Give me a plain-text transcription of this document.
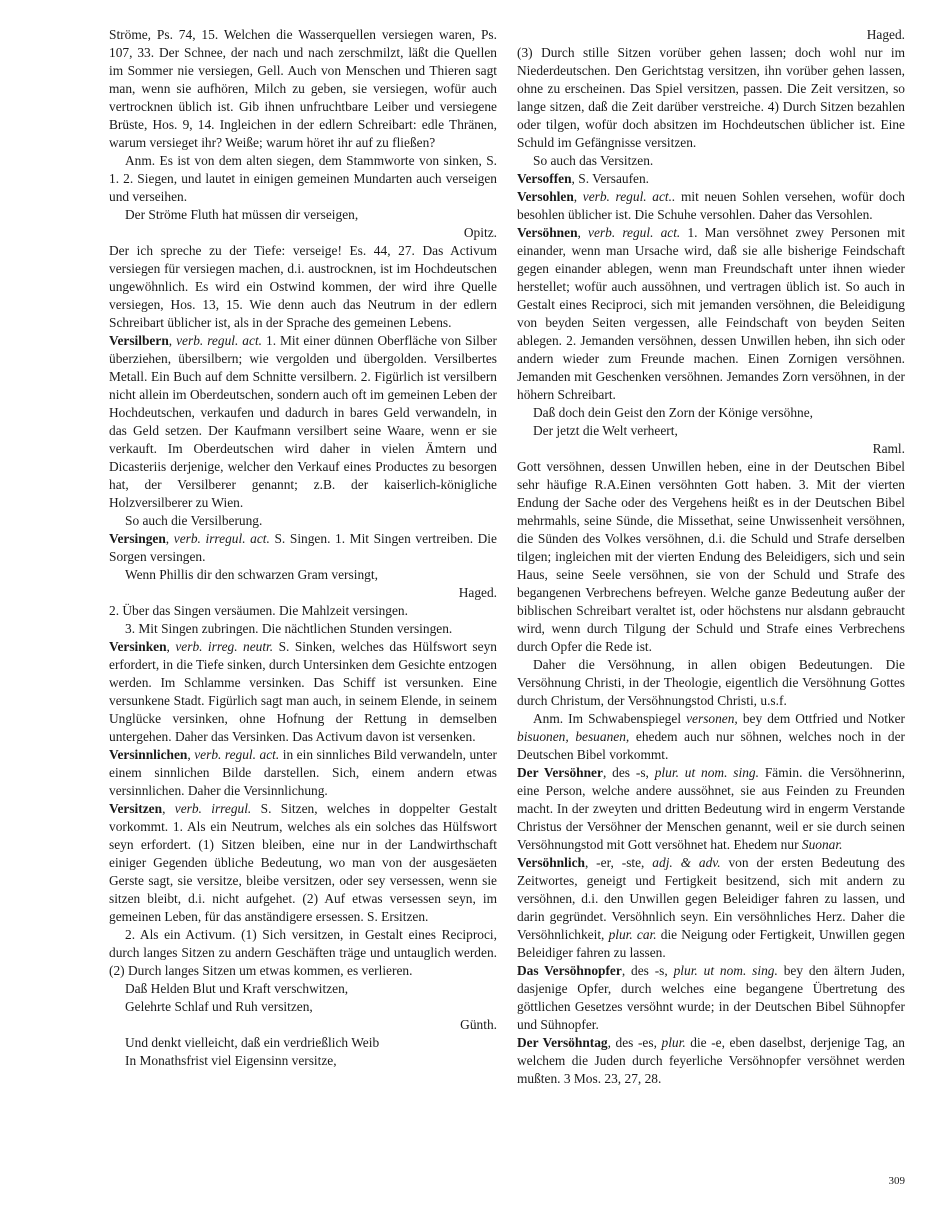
Ströme, Ps. 74, 15. Welchen die Wasserquellen versiegen waren, Ps. 107, 33. Der Schnee, der nach und nach zerschmilzt, läßt die Quellen im Sommer nie versiegen, Gell. Auch von Menschen und Thieren sagt man, wenn sie aufhören, Milch zu geben, sie versiegen, wofür auch vertrocknen üblich ist. Gib ihnen unfruchtbare Leiber und versiegene Brüste, Hos. 9, 14. Ingleichen in der edlern Schreibart: edle Thränen, warum versieget ihr? Weiße; warum höret ihr auf zu fließen?

Anm. Es ist von dem alten siegen, dem Stammworte von sinken, S. 1. 2. Siegen, und lautet in einigen gemeinen Mundarten auch verseigen und verseihen.

Der Ströme Fluth hat müssen dir verseigen,

Opitz.

Der ich spreche zu der Tiefe: verseige! Es. 44, 27. Das Activum versiegen für versiegen machen, d.i. austrocknen, ist im Hochdeutschen ungewöhnlich. Es wird ein Ostwind kommen, der wird ihre Quelle versiegen, Hos. 13, 15. Wie denn auch das Neutrum in der edlern Schreibart üblicher ist, als in der Sprache des gemeinen Lebens.

Versilbern, verb. regul. act. 1. Mit einer dünnen Oberfläche von Silber überziehen, übersilbern; wie vergolden und übergolden. Versilbertes Metall. Ein Buch auf dem Schnitte versilbern. 2. Figürlich ist versilbern nicht allein im Oberdeutschen, sondern auch oft im gemeinen Leben der Hochdeutschen, verkaufen und dadurch in bares Geld verwandeln, in das Geld setzen. Der Kaufmann versilbert seine Waare, wenn er sie verkauft. Im Oberdeutschen wird daher in vielen Ämtern und Dicasteriis derjenige, welcher den Verkauf eines Productes zu besorgen hat, der Versilberer genannt; z.B. der kaiserlich-königliche Holzversilberer zu Wien.

So auch die Versilberung.

Versingen, verb. irregul. act. S. Singen. 1. Mit Singen vertreiben. Die Sorgen versingen.

Wenn Phillis dir den schwarzen Gram versingt,

Haged.

2. Über das Singen versäumen. Die Mahlzeit versingen.

3. Mit Singen zubringen. Die nächtlichen Stunden versingen.

Versinken, verb. irreg. neutr. S. Sinken, welches das Hülfswort seyn erfordert, in die Tiefe sinken, durch Untersinken dem Gesichte entzogen werden. Im Schlamme versinken. Das Schiff ist versunken. Eine versunkene Stadt. Figürlich sagt man auch, in seinem Elende, in seinem Unglücke versinken, ohne Hofnung der Rettung in demselben untergehen. Daher das Versinken. Das Activum davon ist versenken.

Versinnlichen, verb. regul. act. in ein sinnliches Bild verwandeln, unter einem sinnlichen Bilde darstellen. Sich, einem andern etwas versinnlichen. Daher die Versinnlichung.

Versitzen, verb. irregul. S. Sitzen, welches in doppelter Gestalt vorkommt. 1. Als ein Neutrum, welches als ein solches das Hülfswort seyn erfordert. (1) Sitzen bleiben, eine nur in der Landwirthschaft einiger Gegenden übliche Bedeutung, wo man von der ausgesäeten Gerste sagt, sie versitze, bleibe versitzen, oder sey versessen, wenn sie sitzen bleibt, d.i. nicht aufgehet. (2) Auf etwas versessen seyn, im gemeinen Leben, für das anständigere ersessen. S. Ersitzen.

2. Als ein Activum. (1) Sich versitzen, in Gestalt eines Reciproci, durch langes Sitzen zu andern Geschäften träge und untauglich werden. (2) Durch langes Sitzen um etwas kommen, es verlieren.

Daß Helden Blut und Kraft verschwitzen,

Gelehrte Schlaf und Ruh versitzen,

Günth.

Und denkt vielleicht, daß ein verdrießlich Weib

In Monathsfrist viel Eigensinn versitze,

Haged.

(3) Durch stille Sitzen vorüber gehen lassen; doch wohl nur im Niederdeutschen. Den Gerichtstag versitzen, ihn vorüber gehen lassen, ohne zu erscheinen. Das Spiel versitzen, passen. Die Zeit versitzen, so lange sitzen, daß die Zeit darüber verstreiche. 4) Durch Sitzen bezahlen oder tilgen, wofür doch absitzen im Hochdeutschen üblicher ist. Eine Schuld im Gefängnisse versitzen.

So auch das Versitzen.

Versoffen, S. Versaufen.

Versohlen, verb. regul. act.. mit neuen Sohlen versehen, wofür doch besohlen üblicher ist. Die Schuhe versohlen. Daher das Versohlen.

Versöhnen, verb. regul. act. 1. Man versöhnet zwey Personen mit einander, wenn man Ursache wird, daß sie alle bisherige Feindschaft gegen einander ablegen, wenn man Freundschaft unter ihnen wieder herstellet; wofür auch aussöhnen, und vertragen üblich ist. So auch in Gestalt eines Reciproci, sich mit jemanden versöhnen, die Beleidigung von beyden Seiten vergessen, alle Feindschaft von beyden Seiten ablegen. 2. Jemanden versöhnen, dessen Unwillen heben, ihn sich oder andern wieder zum Freunde machen. Einen Zornigen versöhnen. Jemanden mit Geschenken versöhnen. Jemandes Zorn versöhnen, in der höhern Schreibart.

Daß doch dein Geist den Zorn der Könige versöhne,

Der jetzt die Welt verheert,

Raml.

Gott versöhnen, dessen Unwillen heben, eine in der Deutschen Bibel sehr häufige R.A.Einen versöhnten Gott haben. 3. Mit der vierten Endung der Sache oder des Vergehens heißt es in der Deutschen Bibel mehrmahls, seine Sünde, die Missethat, seine Unwissenheit versöhnen, die Sünden des Volkes versöhnen, d.i. die Schuld und Strafe derselben tilgen; ingleichen mit der vierten Endung des Beleidigers, sich und sein Haus, seine Seele versöhnen, sie von der Schuld und Strafe des begangenen Verbrechens befreyen. Welche ganze Bedeutung außer der biblischen Schreibart veraltet ist, oder höchstens nur alsdann gebraucht wird, wenn durch Tilgung der Schuld und Strafe eines Verbrechens durch Opfer die Rede ist.

Daher die Versöhnung, in allen obigen Bedeutungen. Die Versöhnung Christi, in der Theologie, eigentlich die Versöhnung Gottes durch Christum, der Versöhnungstod Christi, u.s.f.

Anm. Im Schwabenspiegel versonen, bey dem Ottfried und Notker bisuonen, besuanen, ehedem auch nur söhnen, welches noch in der Deutschen Bibel vorkommt.

Der Versöhner, des -s, plur. ut nom. sing. Fämin. die Versöhnerinn, eine Person, welche andere aussöhnet, sie aus Feinden zu Freunden macht. In der zweyten und dritten Bedeutung wird in engerm Verstande Christus der Versöhner der Menschen genannt, weil er sie durch seinen Versöhnungstod mit Gott versöhnet hat. Ehedem nur Suonar.

Versöhnlich, -er, -ste, adj. & adv. von der ersten Bedeutung des Zeitwortes, geneigt und Fertigkeit besitzend, sich mit andern zu versöhnen, d.i. den Unwillen gegen Beleidiger fahren zu lassen, und darin gegründet. Versöhnlich seyn. Ein versöhnliches Herz. Daher die Versöhnlichkeit, plur. car. die Neigung oder Fertigkeit, Unwillen gegen Beleidiger fahren zu lassen.

Das Versöhnopfer, des -s, plur. ut nom. sing. bey den ältern Juden, dasjenige Opfer, durch welches eine begangene Übertretung des göttlichen Gesetzes versöhnt wurde; in der Deutschen Bibel Sühnopfer und Sühnopfer.

Der Versöhntag, des -es, plur. die -e, eben daselbst, derjenige Tag, an welchem die Juden durch feyerliche Versöhnopfer versöhnet werden mußten. 3 Mos. 23, 27, 28.

309
